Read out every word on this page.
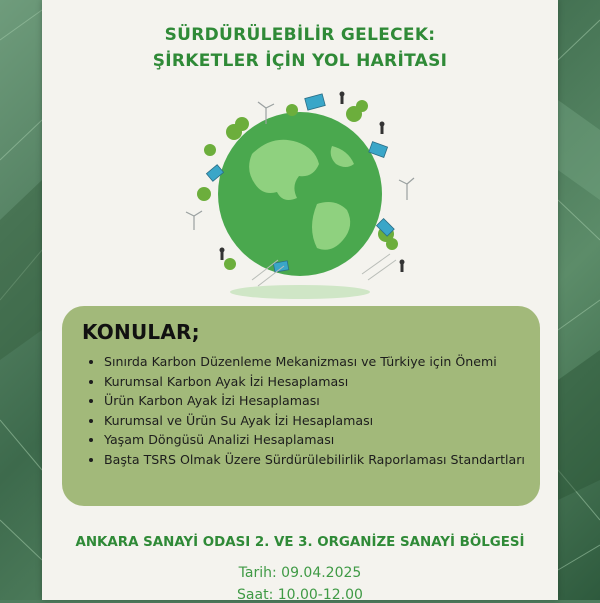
SÜRDÜRÜLEBİLİR GELECEK:
ŞİRKETLER İÇİN YOL HARİTASI
KONULAR;
• Sınırda Karbon Düzenleme Mekanizması ve Türkiye için Önemi
• Kurumsal Karbon Ayak İzi Hesaplaması
• Ürün Karbon Ayak İzi Hesaplaması
• Kurumsal ve Ürün Su Ayak İzi Hesaplaması
• Yaşam Döngüsü Analizi Hesaplaması
• Başta TSRS Olmak Üzere Sürdürülebilirlik Raporlaması Standartları

ANKARA SANAYİ ODASI 2. VE 3. ORGANİZE SANAYİ BÖLGESİ

Tarih: 09.04.2025

Saat: 10.00-12.00
